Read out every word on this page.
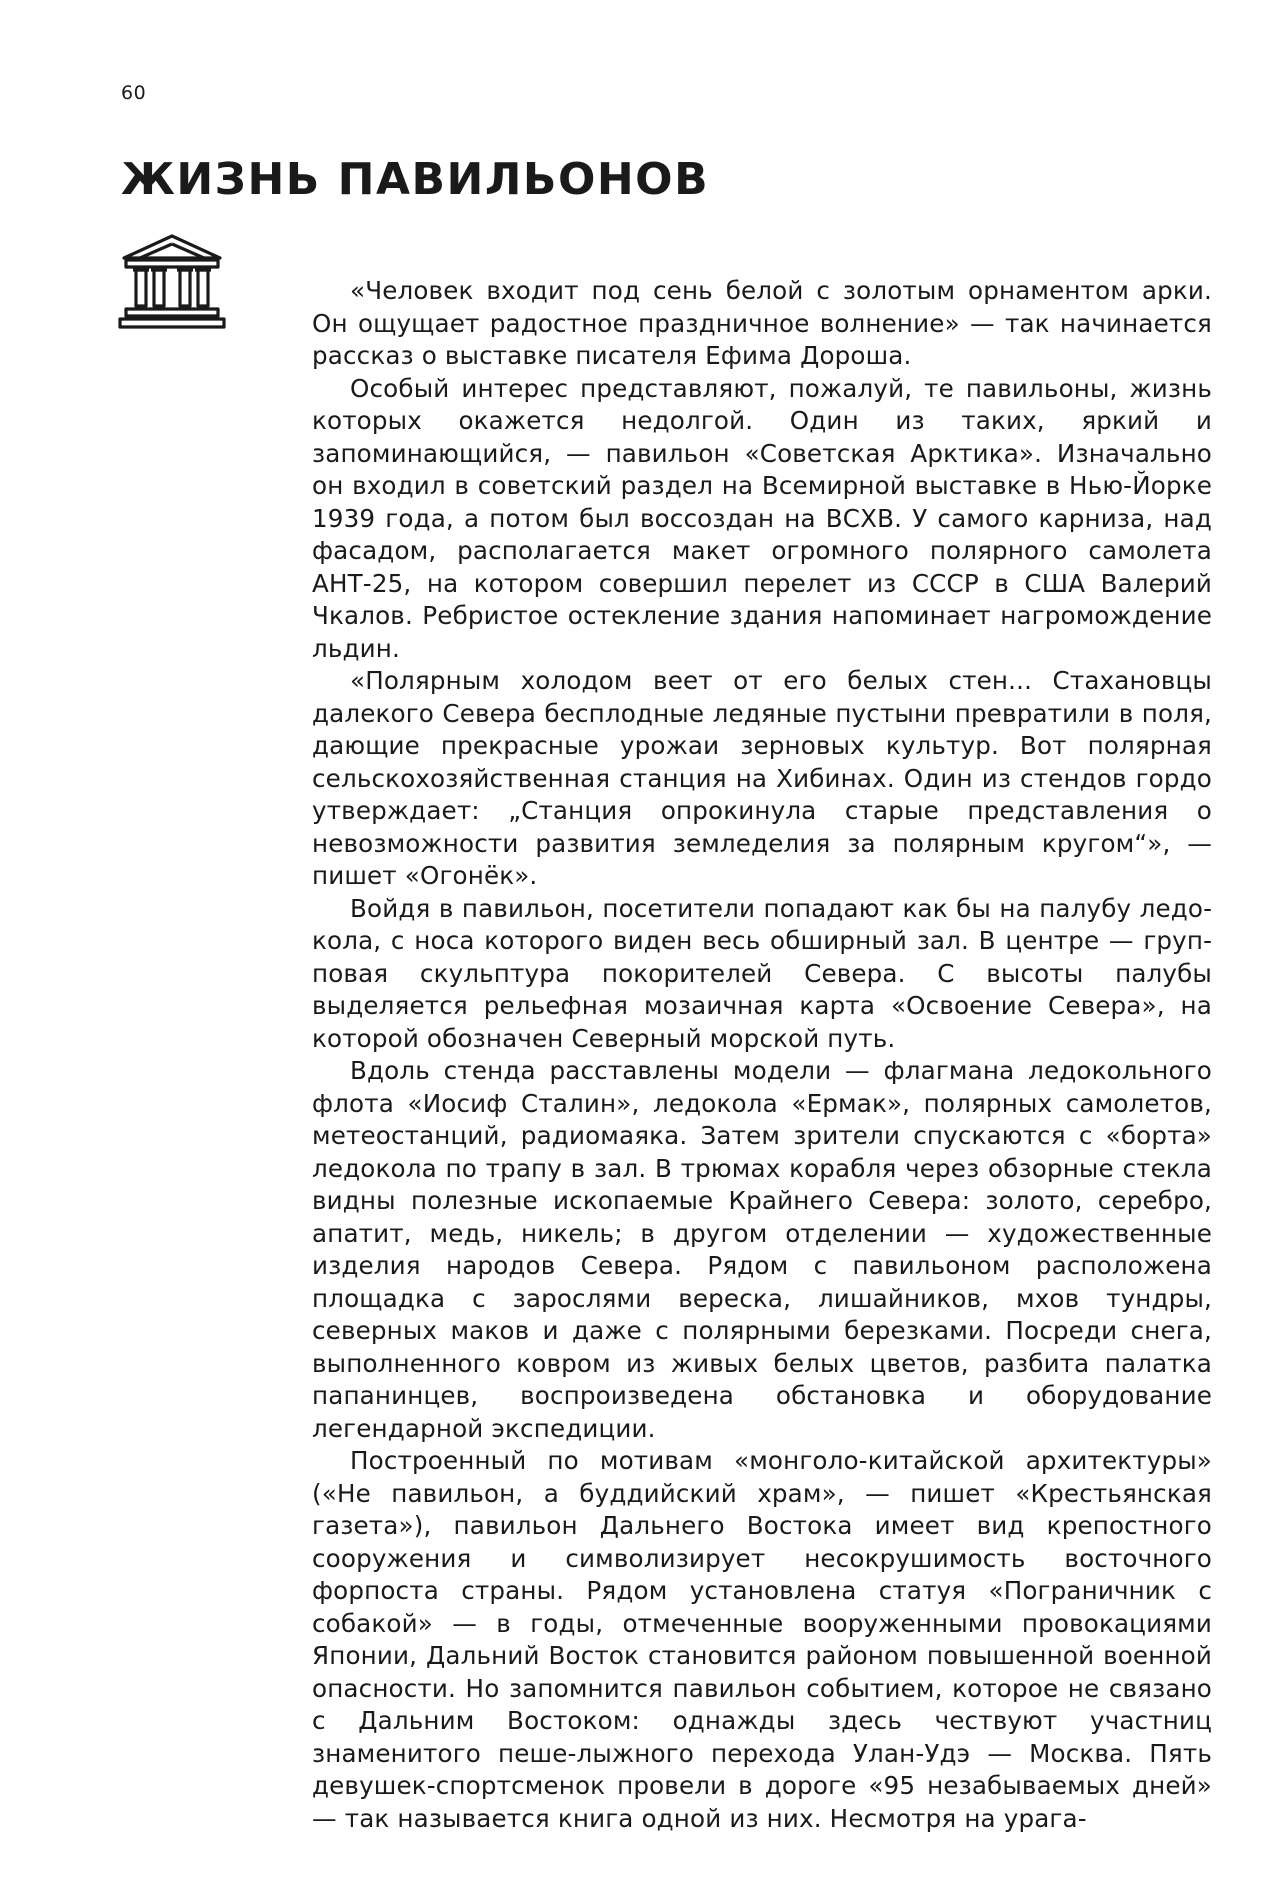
60
ЖИЗНЬ ПАВИЛЬОНОВ

«Человек входит под сень белой с золотым орнаментом арки. Он ощущает радостное праздничное волнение» — так начинается рассказ о выставке писателя Ефима Дороша.

Особый интерес представляют, пожалуй, те павильоны, жизнь которых окажется недолгой. Один из таких, яркий и запоминающийся, — павильон «Советская Арктика». Изначально он входил в советский раздел на Всемирной выставке в Нью-Йорке 1939 года, а потом был воссоздан на ВСХВ. У самого карниза, над фасадом, располагается макет огромного полярного самолета АНТ-25, на котором совершил перелет из СССР в США Валерий Чкалов. Ребристое остекление здания напоминает нагромождение льдин.

«Полярным холодом веет от его белых стен... Стахановцы далекого Севера бесплодные ледяные пустыни превратили в поля, дающие прекрасные урожаи зерновых культур. Вот полярная сельскохозяйственная станция на Хибинах. Один из стендов гордо утверждает: „Станция опрокинула старые представления о невозможности развития земледелия за полярным кругом“», — пишет «Огонёк».

Войдя в павильон, посетители попадают как бы на палубу ледокола, с носа которого виден весь обширный зал. В центре — групповая скульптура покорителей Севера. С высоты палубы выделяется рельефная мозаичная карта «Освоение Севера», на которой обозначен Северный морской путь.

Вдоль стенда расставлены модели — флагмана ледокольного флота «Иосиф Сталин», ледокола «Ермак», полярных самолетов, метеостанций, радиомаяка. Затем зрители спускаются с «борта» ледокола по трапу в зал. В трюмах корабля через обзорные стекла видны полезные ископаемые Крайнего Севера: золото, серебро, апатит, медь, никель; в другом отделении — художественные изделия народов Севера. Рядом с павильоном расположена площадка с зарослями вереска, лишайников, мхов тундры, северных маков и даже с полярными березками. Посреди снега, выполненного ковром из живых белых цветов, разбита палатка папанинцев, воспроизведена обстановка и оборудование легендарной экспедиции.

Построенный по мотивам «монголо-китайской архитектуры» («Не павильон, а буддийский храм», — пишет «Крестьянская газета»), павильон Дальнего Востока имеет вид крепостного сооружения и символизирует несокрушимость восточного форпоста страны. Рядом установлена статуя «Пограничник с собакой» — в годы, отмеченные вооруженными провокациями Японии, Дальний Восток становится районом повышенной военной опасности. Но запомнится павильон событием, которое не связано с Дальним Востоком: однажды здесь чествуют участниц знаменитого пеше-лыжного перехода Улан-Удэ — Москва. Пять девушек-спортсменок провели в дороге «95 незабываемых дней» — так называется книга одной из них. Несмотря на урага-
